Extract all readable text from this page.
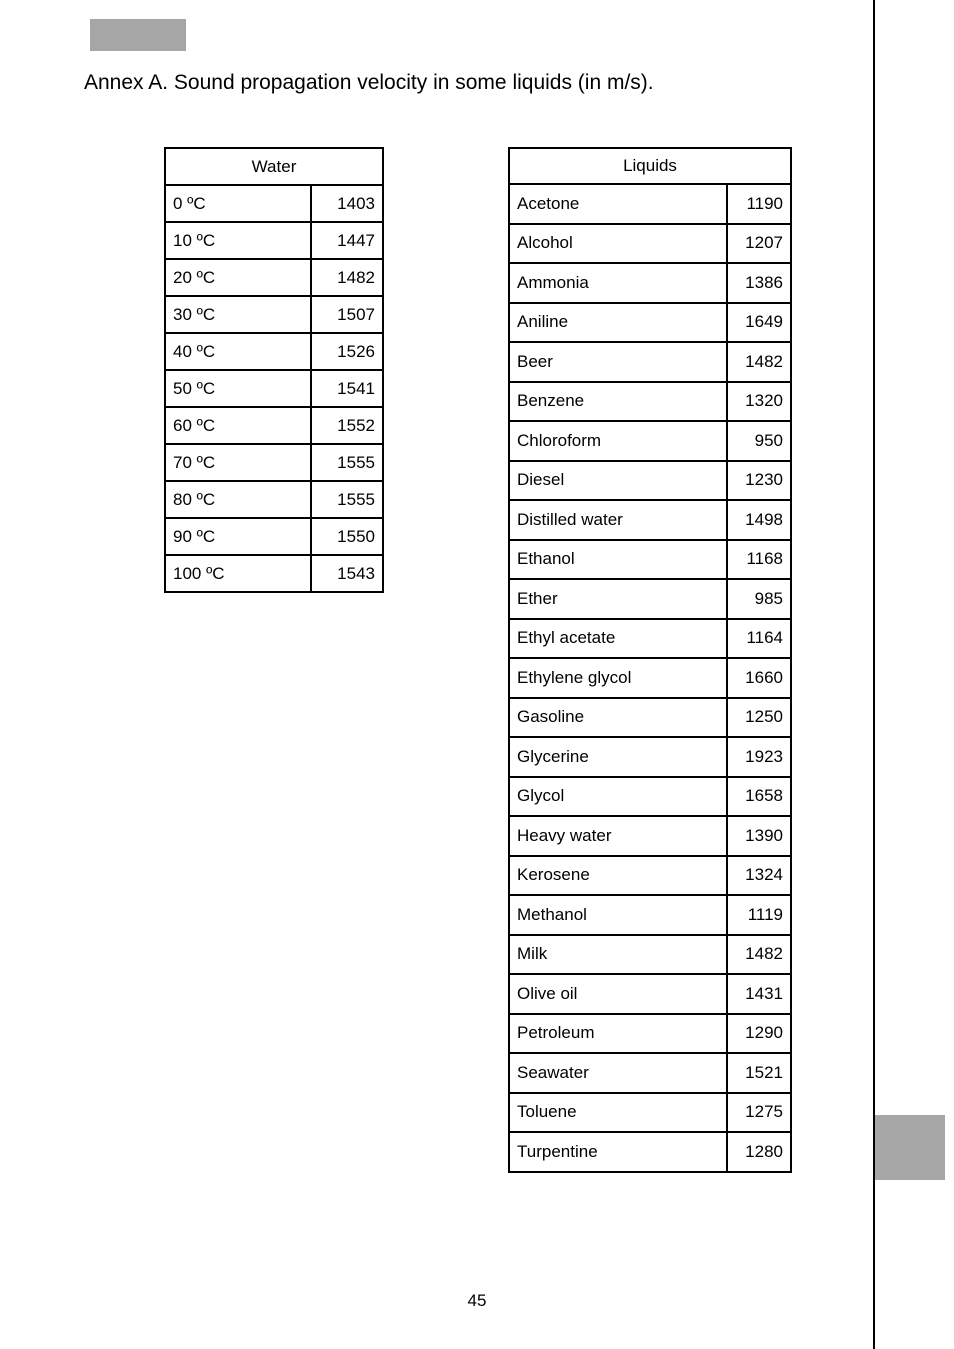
Annex A. Sound propagation velocity in some liquids (in m/s).
Water	
0 ºC	1403
10 ºC	1447
20 ºC	1482
30 ºC	1507
40 ºC	1526
50 ºC	1541
60 ºC	1552
70 ºC	1555
80 ºC	1555
90 ºC	1550
100 ºC	1543
Liquids	
Acetone	1190
Alcohol	1207
Ammonia	1386
Aniline	1649
Beer	1482
Benzene	1320
Chloroform	950
Diesel	1230
Distilled water	1498
Ethanol	1168
Ether	985
Ethyl acetate	1164
Ethylene glycol	1660
Gasoline	1250
Glycerine	1923
Glycol	1658
Heavy water	1390
Kerosene	1324
Methanol	1119
Milk	1482
Olive oil	1431
Petroleum	1290
Seawater	1521
Toluene	1275
Turpentine	1280
45
